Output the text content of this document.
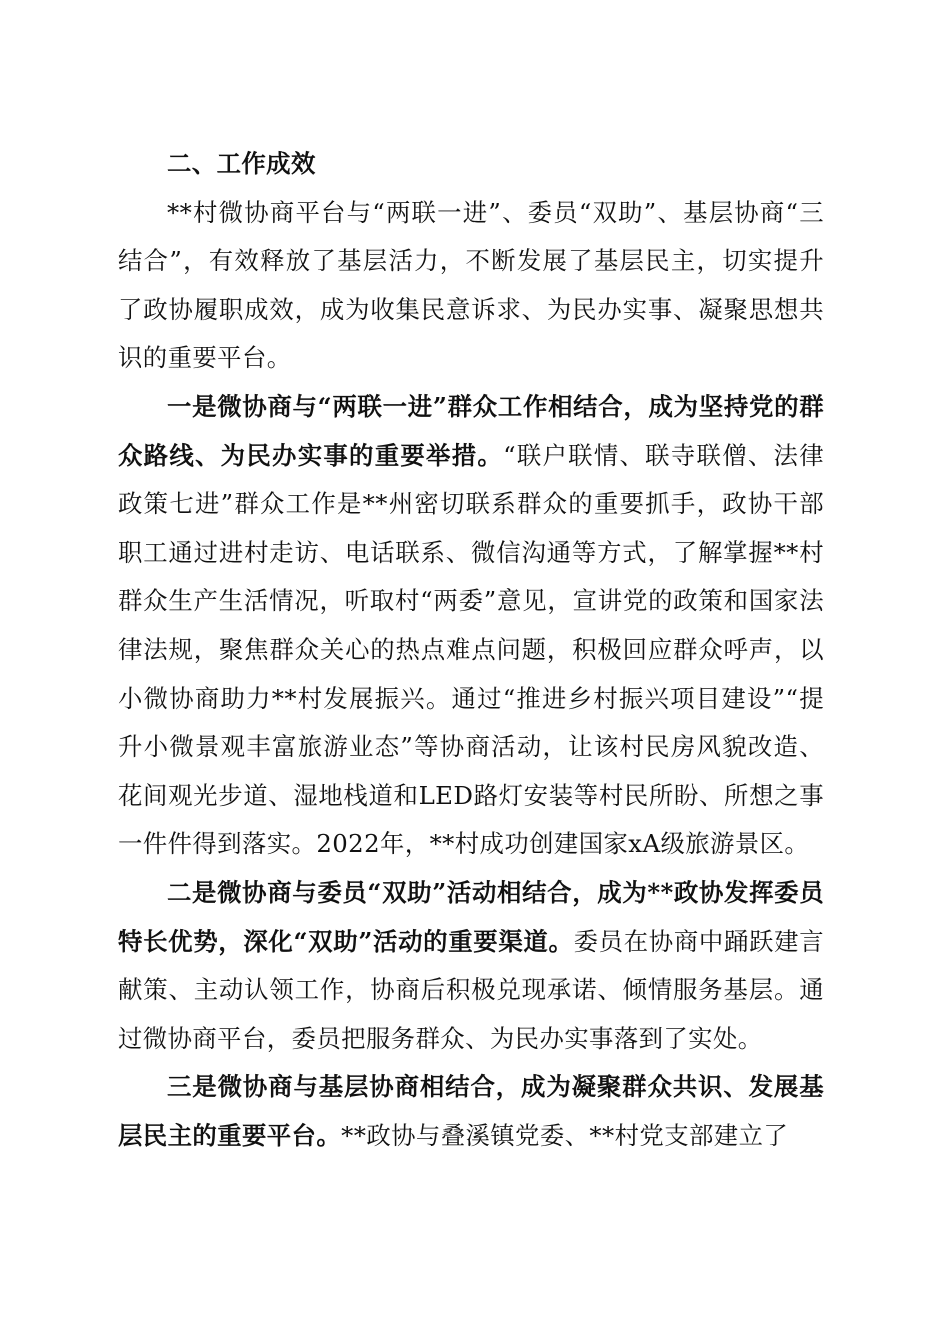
二、工作成效

**村微协商平台与“两联一进”、委员“双助”、基层协商“三结合”，有效释放了基层活力，不断发展了基层民主，切实提升了政协履职成效，成为收集民意诉求、为民办实事、凝聚思想共识的重要平台。

一是微协商与“两联一进”群众工作相结合，成为坚持党的群众路线、为民办实事的重要举措。“联户联情、联寺联僧、法律政策七进”群众工作是**州密切联系群众的重要抓手，政协干部职工通过进村走访、电话联系、微信沟通等方式，了解掌握**村群众生产生活情况，听取村“两委”意见，宣讲党的政策和国家法律法规，聚焦群众关心的热点难点问题，积极回应群众呼声，以小微协商助力**村发展振兴。通过“推进乡村振兴项目建设”“提升小微景观丰富旅游业态”等协商活动，让该村民房风貌改造、花间观光步道、湿地栈道和LED路灯安装等村民所盼、所想之事一件件得到落实。2022年，**村成功创建国家xA级旅游景区。

二是微协商与委员“双助”活动相结合，成为**政协发挥委员特长优势，深化“双助”活动的重要渠道。委员在协商中踊跃建言献策、主动认领工作，协商后积极兑现承诺、倾情服务基层。通过微协商平台，委员把服务群众、为民办实事落到了实处。

三是微协商与基层协商相结合，成为凝聚群众共识、发展基层民主的重要平台。**政协与叠溪镇党委、**村党支部建立了
